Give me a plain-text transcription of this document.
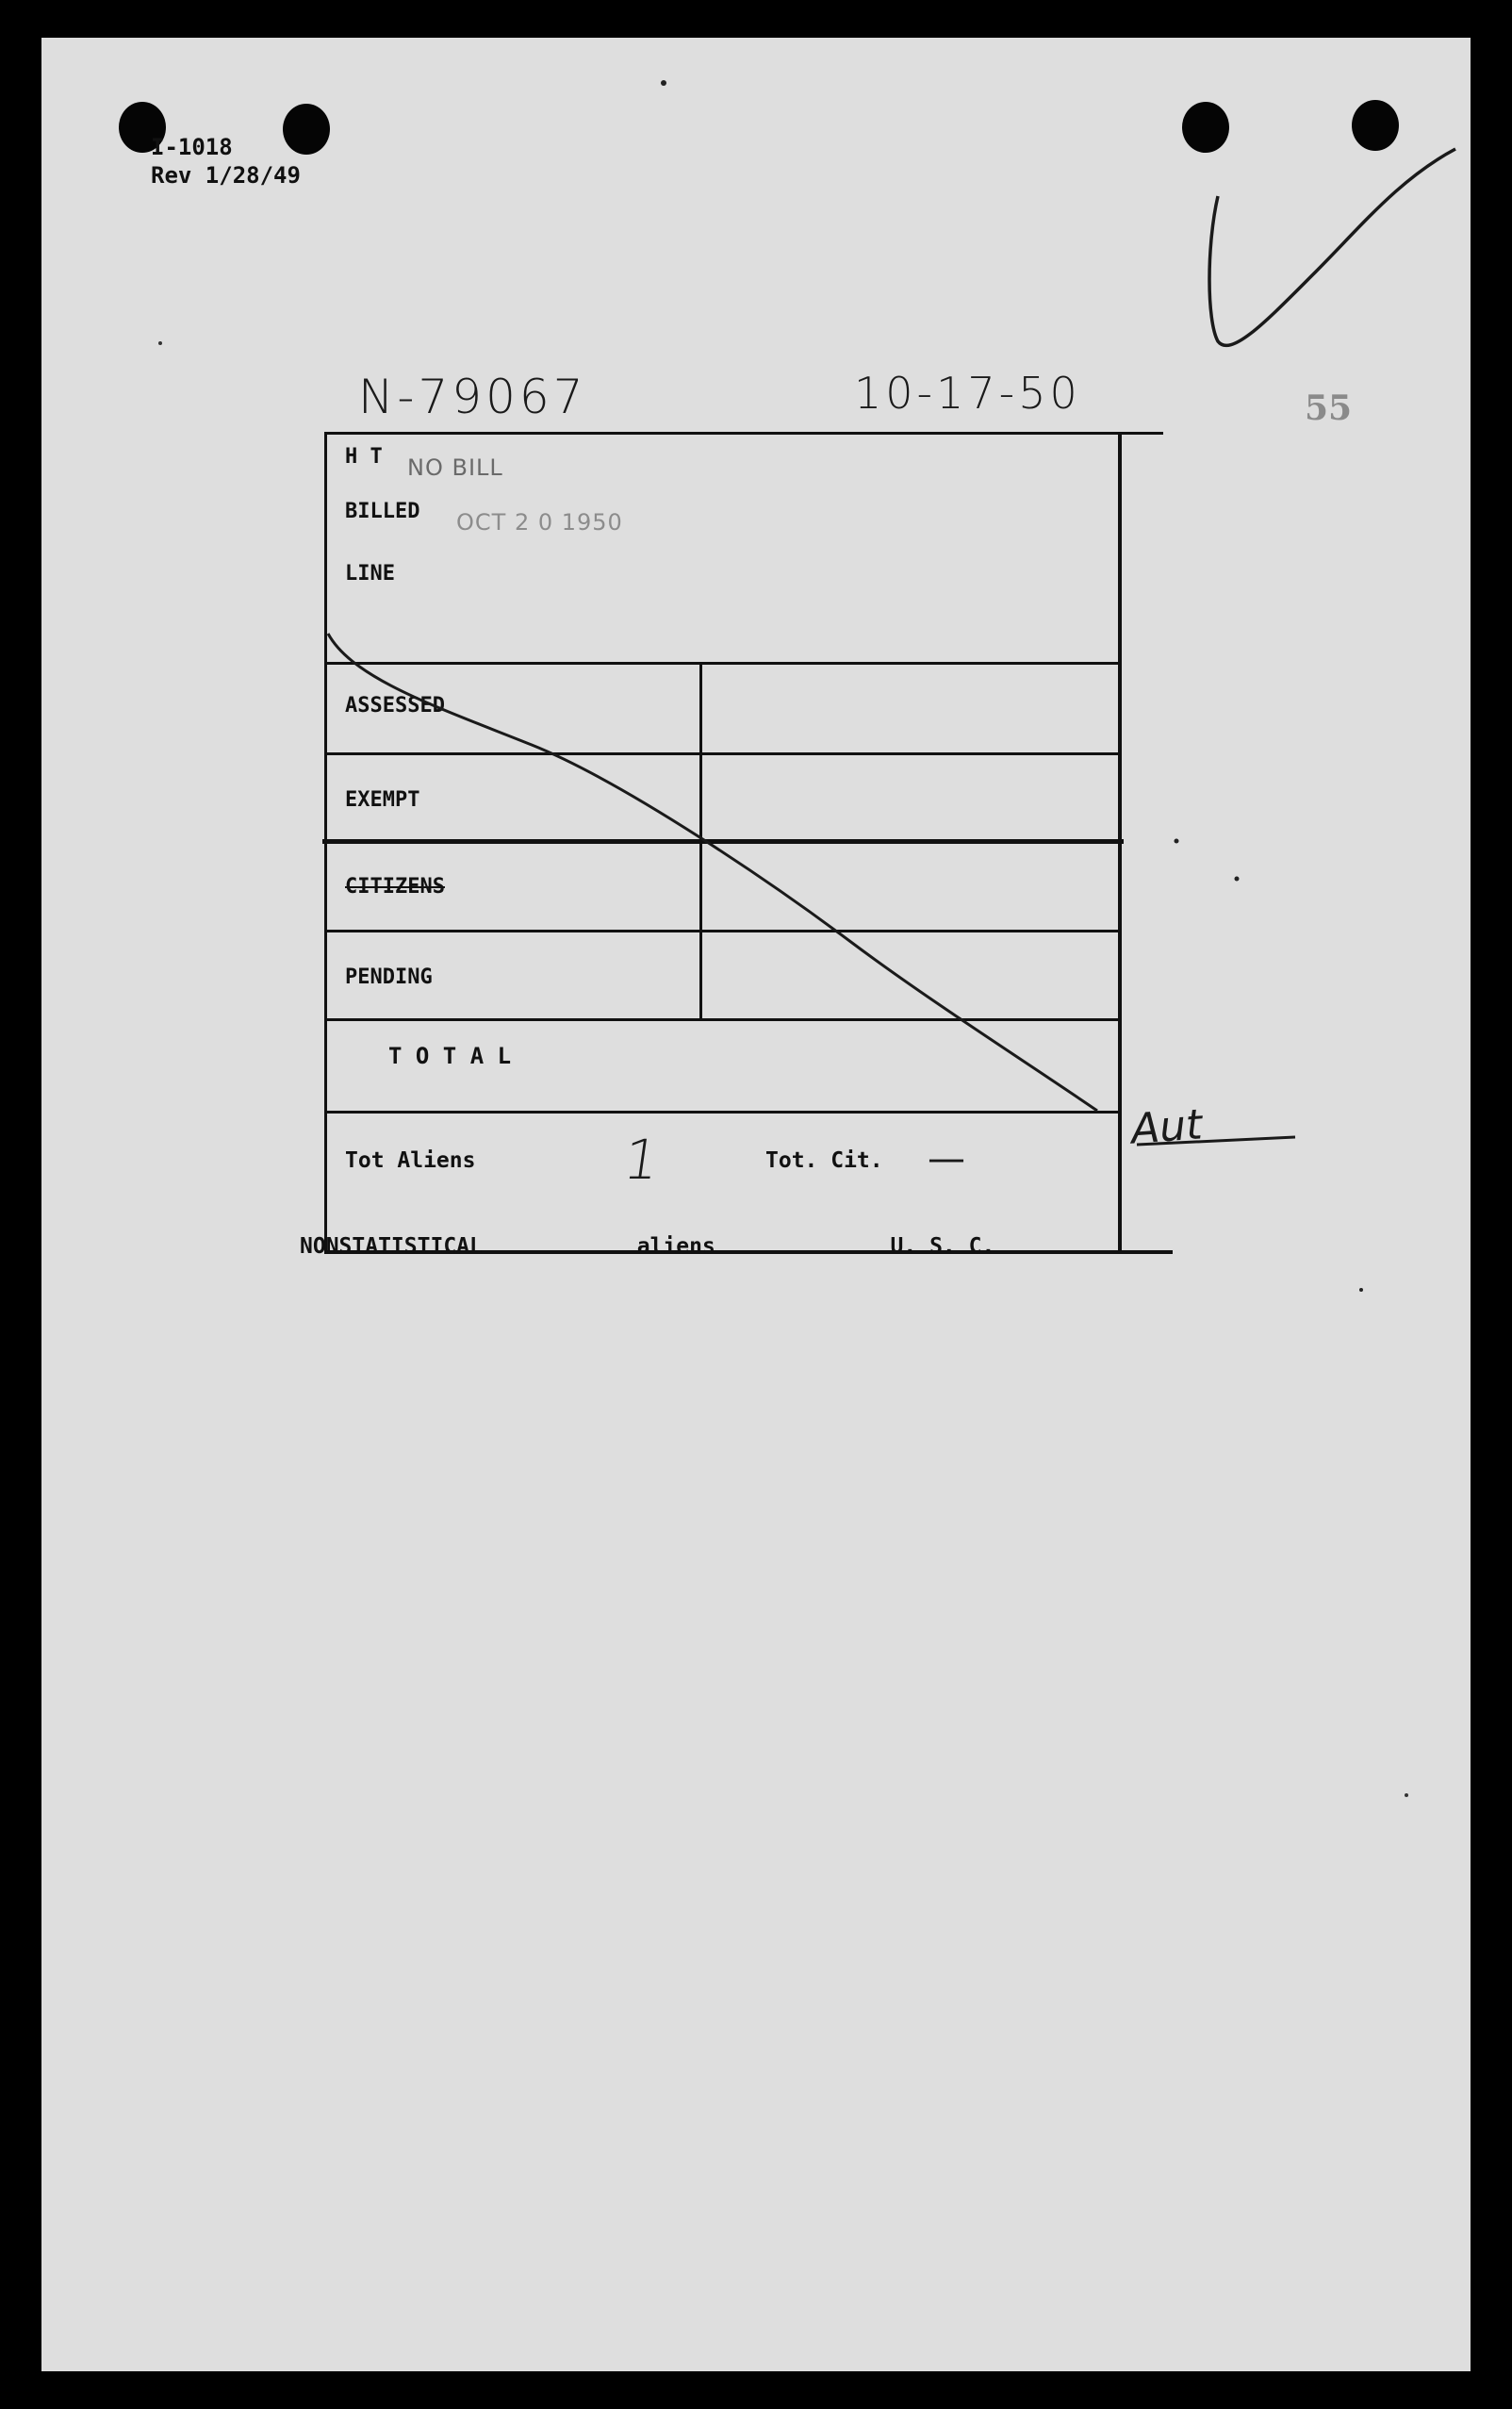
I-1018
Rev 1/28/49
N-79067	10-17-50	55
H T NO BILL
BILLED OCT 2 0 1950
LINE
ASSESSED
EXEMPT
CITIZENS
PENDING
T O T A L
Tot Aliens	1	Tot. Cit. —
NONSTATISTICAL	aliens	U. S. C.
Aut
